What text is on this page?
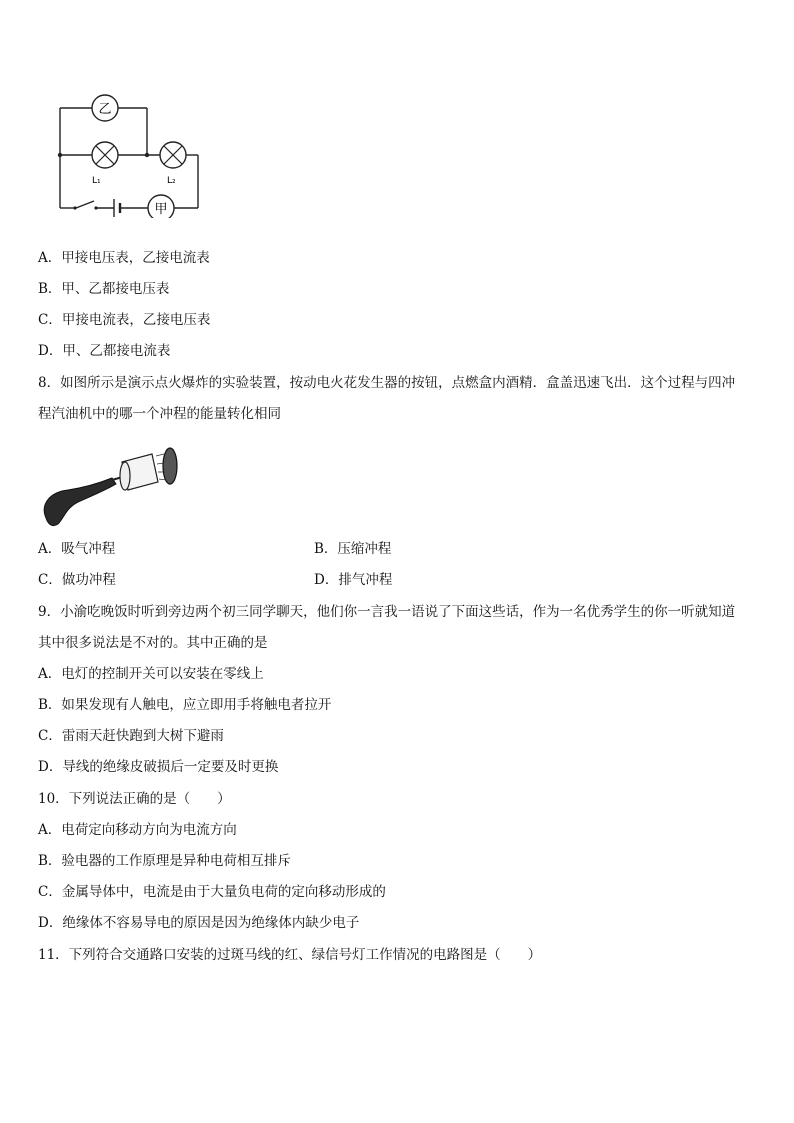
乙
L₁	L₂
甲
A．甲接电压表，乙接电流表
B．甲、乙都接电压表
C．甲接电流表，乙接电压表
D．甲、乙都接电流表
8．如图所示是演示点火爆炸的实验装置，按动电火花发生器的按钮，点燃盒内酒精．盒盖迅速飞出．这个过程与四冲
程汽油机中的哪一个冲程的能量转化相同
A．吸气冲程	B．压缩冲程
C．做功冲程	D．排气冲程
9．小渝吃晚饭时听到旁边两个初三同学聊天，他们你一言我一语说了下面这些话，作为一名优秀学生的你一听就知道
其中很多说法是不对的。其中正确的是
A．电灯的控制开关可以安装在零线上
B．如果发现有人触电，应立即用手将触电者拉开
C．雷雨天赶快跑到大树下避雨
D．导线的绝缘皮破损后一定要及时更换
10．下列说法正确的是（　　）
A．电荷定向移动方向为电流方向
B．验电器的工作原理是异种电荷相互排斥
C．金属导体中，电流是由于大量负电荷的定向移动形成的
D．绝缘体不容易导电的原因是因为绝缘体内缺少电子
11．下列符合交通路口安装的过斑马线的红、绿信号灯工作情况的电路图是（　　）
